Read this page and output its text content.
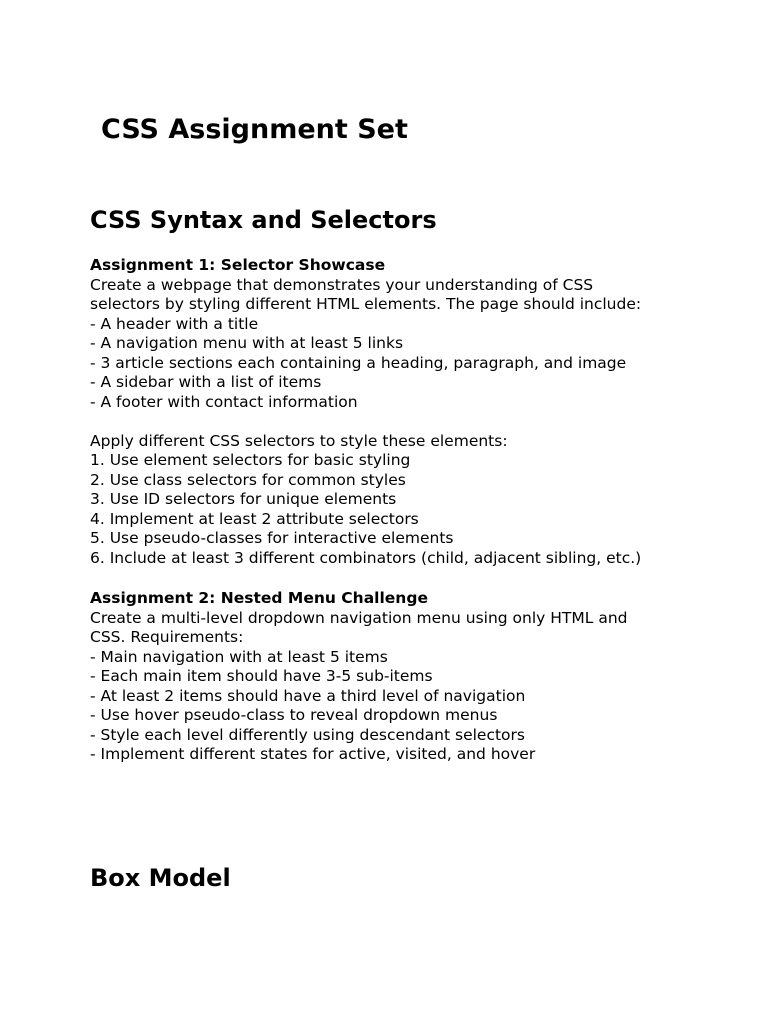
CSS Assignment Set
CSS Syntax and Selectors
Assignment 1: Selector Showcase
Create a webpage that demonstrates your understanding of CSS
selectors by styling different HTML elements. The page should include:
- A header with a title
- A navigation menu with at least 5 links
- 3 article sections each containing a heading, paragraph, and image
- A sidebar with a list of items
- A footer with contact information
Apply different CSS selectors to style these elements:
1. Use element selectors for basic styling
2. Use class selectors for common styles
3. Use ID selectors for unique elements
4. Implement at least 2 attribute selectors
5. Use pseudo-classes for interactive elements
6. Include at least 3 different combinators (child, adjacent sibling, etc.)
Assignment 2: Nested Menu Challenge
Create a multi-level dropdown navigation menu using only HTML and
CSS. Requirements:
- Main navigation with at least 5 items
- Each main item should have 3-5 sub-items
- At least 2 items should have a third level of navigation
- Use hover pseudo-class to reveal dropdown menus
- Style each level differently using descendant selectors
- Implement different states for active, visited, and hover
Box Model
